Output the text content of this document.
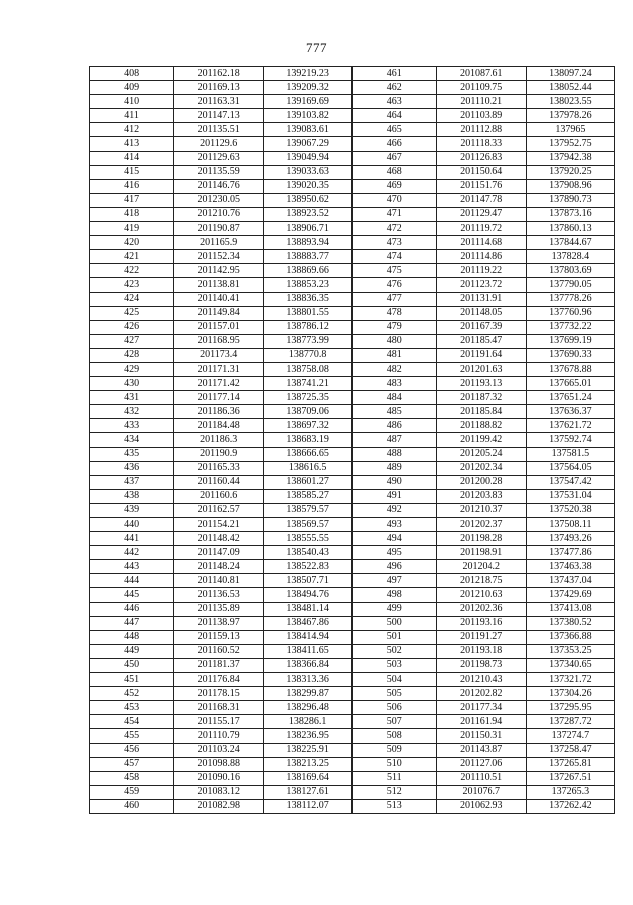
777
408	201162.18	139219.23	461	201087.61	138097.24
409	201169.13	139209.32	462	201109.75	138052.44
410	201163.31	139169.69	463	201110.21	138023.55
411	201147.13	139103.82	464	201103.89	137978.26
412	201135.51	139083.61	465	201112.88	137965
413	201129.6	139067.29	466	201118.33	137952.75
414	201129.63	139049.94	467	201126.83	137942.38
415	201135.59	139033.63	468	201150.64	137920.25
416	201146.76	139020.35	469	201151.76	137908.96
417	201230.05	138950.62	470	201147.78	137890.73
418	201210.76	138923.52	471	201129.47	137873.16
419	201190.87	138906.71	472	201119.72	137860.13
420	201165.9	138893.94	473	201114.68	137844.67
421	201152.34	138883.77	474	201114.86	137828.4
422	201142.95	138869.66	475	201119.22	137803.69
423	201138.81	138853.23	476	201123.72	137790.05
424	201140.41	138836.35	477	201131.91	137778.26
425	201149.84	138801.55	478	201148.05	137760.96
426	201157.01	138786.12	479	201167.39	137732.22
427	201168.95	138773.99	480	201185.47	137699.19
428	201173.4	138770.8	481	201191.64	137690.33
429	201171.31	138758.08	482	201201.63	137678.88
430	201171.42	138741.21	483	201193.13	137665.01
431	201177.14	138725.35	484	201187.32	137651.24
432	201186.36	138709.06	485	201185.84	137636.37
433	201184.48	138697.32	486	201188.82	137621.72
434	201186.3	138683.19	487	201199.42	137592.74
435	201190.9	138666.65	488	201205.24	137581.5
436	201165.33	138616.5	489	201202.34	137564.05
437	201160.44	138601.27	490	201200.28	137547.42
438	201160.6	138585.27	491	201203.83	137531.04
439	201162.57	138579.57	492	201210.37	137520.38
440	201154.21	138569.57	493	201202.37	137508.11
441	201148.42	138555.55	494	201198.28	137493.26
442	201147.09	138540.43	495	201198.91	137477.86
443	201148.24	138522.83	496	201204.2	137463.38
444	201140.81	138507.71	497	201218.75	137437.04
445	201136.53	138494.76	498	201210.63	137429.69
446	201135.89	138481.14	499	201202.36	137413.08
447	201138.97	138467.86	500	201193.16	137380.52
448	201159.13	138414.94	501	201191.27	137366.88
449	201160.52	138411.65	502	201193.18	137353.25
450	201181.37	138366.84	503	201198.73	137340.65
451	201176.84	138313.36	504	201210.43	137321.72
452	201178.15	138299.87	505	201202.82	137304.26
453	201168.31	138296.48	506	201177.34	137295.95
454	201155.17	138286.1	507	201161.94	137287.72
455	201110.79	138236.95	508	201150.31	137274.7
456	201103.24	138225.91	509	201143.87	137258.47
457	201098.88	138213.25	510	201127.06	137265.81
458	201090.16	138169.64	511	201110.51	137267.51
459	201083.12	138127.61	512	201076.7	137265.3
460	201082.98	138112.07	513	201062.93	137262.42
